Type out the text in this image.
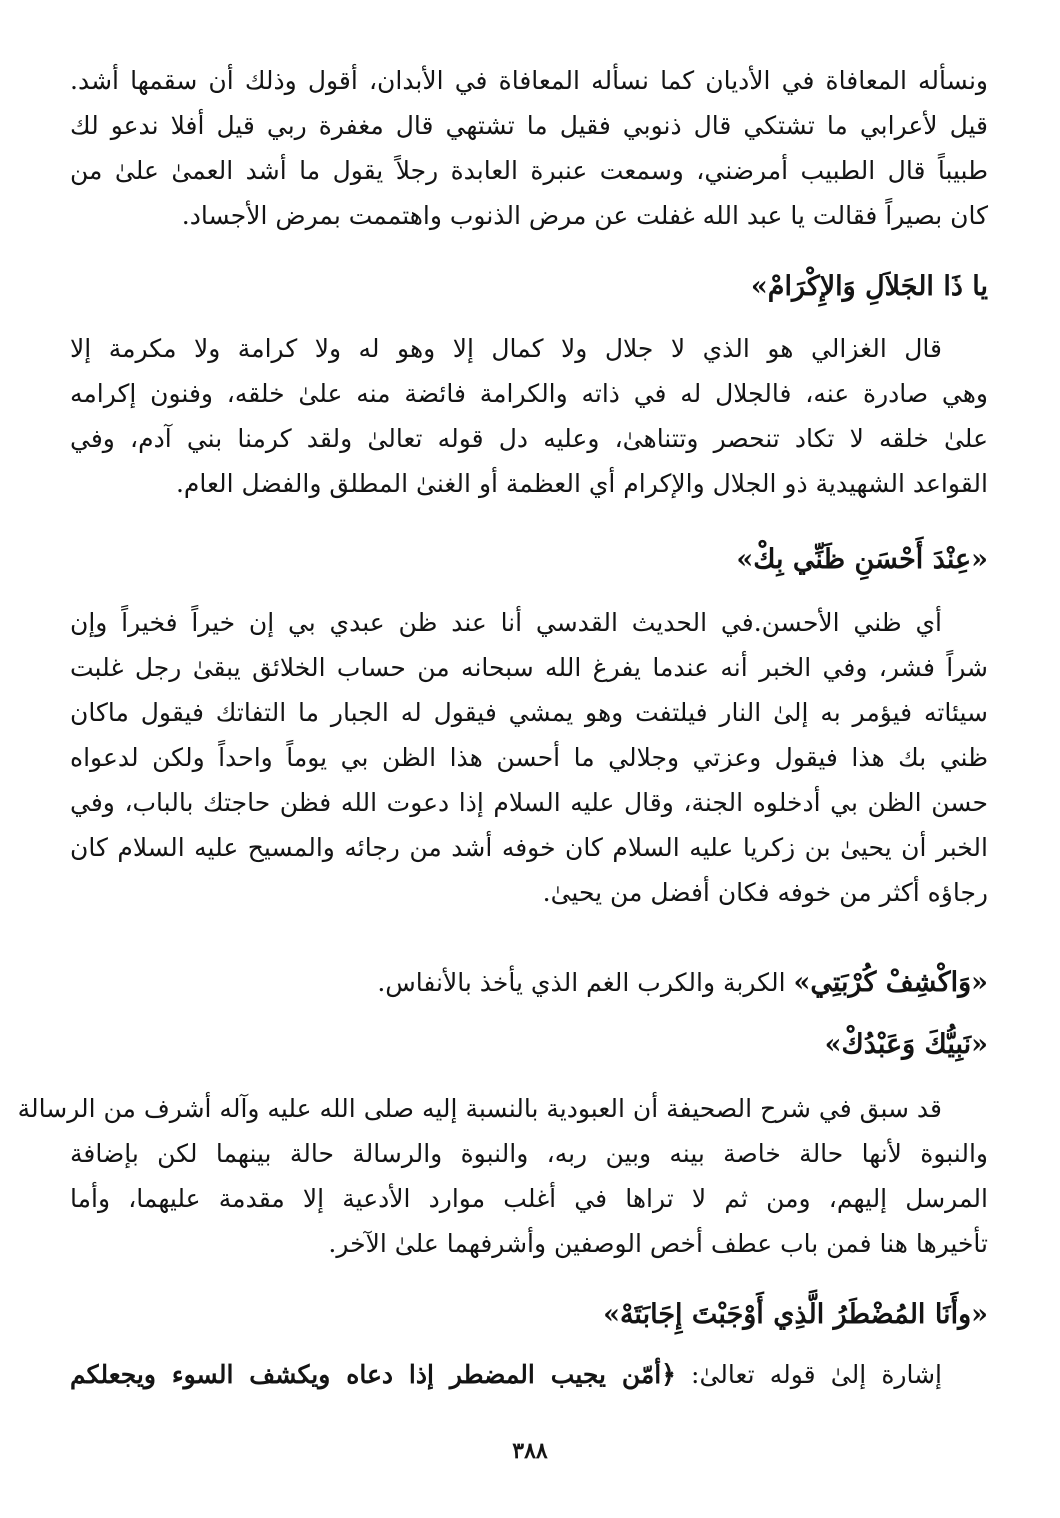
ونسأله المعافاة في الأديان كما نسأله المعافاة في الأبدان، أقول وذلك أن سقمها أشد.
قيل لأعرابي ما تشتكي قال ذنوبي فقيل ما تشتهي قال مغفرة ربي قيل أفلا ندعو لك
طبيباً قال الطبيب أمرضني، وسمعت عنبرة العابدة رجلاً يقول ما أشد العمىٰ علىٰ من
كان بصيراً فقالت يا عبد الله غفلت عن مرض الذنوب واهتممت بمرض الأجساد.
يا ذَا الجَلاَلِ وَالإِكْرَامْ»
قال الغزالي هو الذي لا جلال ولا كمال إلا وهو له ولا كرامة ولا مكرمة إلا
وهي صادرة عنه، فالجلال له في ذاته والكرامة فائضة منه علىٰ خلقه، وفنون إكرامه
علىٰ خلقه لا تكاد تنحصر وتتناهىٰ، وعليه دل قوله تعالىٰ ولقد كرمنا بني آدم، وفي
القواعد الشهيدية ذو الجلال والإكرام أي العظمة أو الغنىٰ المطلق والفضل العام.
«عِنْدَ أَحْسَنِ ظَنِّي بِكْ»
أي ظني الأحسن.في الحديث القدسي أنا عند ظن عبدي بي إن خيراً فخيراً وإن
شراً فشر، وفي الخبر أنه عندما يفرغ الله سبحانه من حساب الخلائق يبقىٰ رجل غلبت
سيئاته فيؤمر به إلىٰ النار فيلتفت وهو يمشي فيقول له الجبار ما التفاتك فيقول ماكان
ظني بك هذا فيقول وعزتي وجلالي ما أحسن هذا الظن بي يوماً واحداً ولكن لدعواه
حسن الظن بي أدخلوه الجنة، وقال عليه السلام إذا دعوت الله فظن حاجتك بالباب، وفي
الخبر أن يحيىٰ بن زكريا عليه السلام كان خوفه أشد من رجائه والمسيح عليه السلام كان
رجاؤه أكثر من خوفه فكان أفضل من يحيىٰ.
«وَاكْشِفْ كُرْبَتِي» الكربة والكرب الغم الذي يأخذ بالأنفاس.
«نَبِيُّكَ وَعَبْدُكْ»
قد سبق في شرح الصحيفة أن العبودية بالنسبة إليه صلى الله عليه وآله أشرف من الرسالة
والنبوة لأنها حالة خاصة بينه وبين ربه، والنبوة والرسالة حالة بينهما لكن بإضافة
المرسل إليهم، ومن ثم لا تراها في أغلب موارد الأدعية إلا مقدمة عليهما، وأما
تأخيرها هنا فمن باب عطف أخص الوصفين وأشرفهما علىٰ الآخر.
«وأَنَا المُضْطَرُ الَّذِي أَوْجَبْتَ إِجَابَتَهْ»
إشارة إلىٰ قوله تعالىٰ: ﴿أمّن يجيب المضطر إذا دعاه ويكشف السوء ويجعلكم
٣٨٨
